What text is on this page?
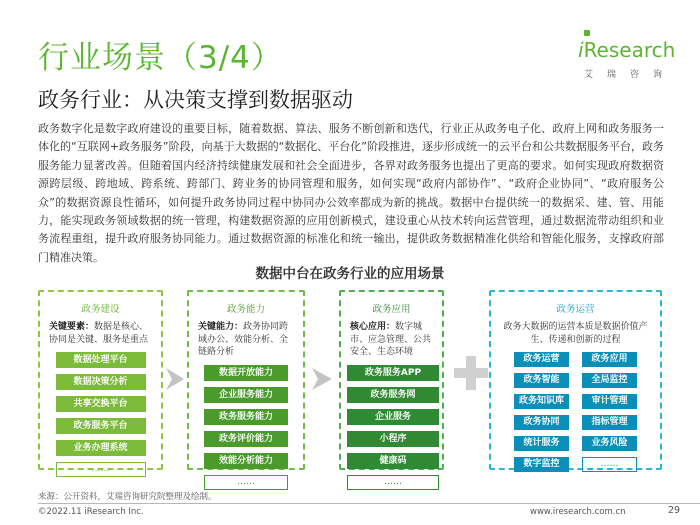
行业场景（3/4）
政务行业：从决策支撑到数据驱动
iResearch
艾瑞咨询

政务数字化是数字政府建设的重要目标，随着数据、算法、服务不断创新和迭代，行业正从政务电子化、政府上网和政务服务一体化的“互联网+政务服务”阶段，向基于大数据的“数据化、平台化”阶段推进，逐步形成统一的云平台和公共数据服务平台，政务服务能力显著改善。但随着国内经济持续健康发展和社会全面进步，各界对政务服务也提出了更高的要求。如何实现政府数据资源跨层级、跨地域、跨系统、跨部门、跨业务的协同管理和服务，如何实现“政府内部协作”、“政府企业协同”、“政府服务公众”的数据资源良性循环，如何提升政务协同过程中协同办公效率都成为新的挑战。数据中台提供统一的数据采、建、管、用能力，能实现政务领域数据的统一管理，构建数据资源的应用创新模式，建设重心从技术转向运营管理，通过数据流带动组织和业务流程重组，提升政府服务协同能力。通过数据资源的标准化和统一输出，提供政务数据精准化供给和智能化服务，支撑政府部门精准决策。

数据中台在政务行业的应用场景
政务建设
关键要素：数据是核心、协同是关键、服务是重点
数据处理平台
数据决策分析
共享交换平台
政务服务平台
业务办理系统
……
政务能力
关键能力：政务协同跨域办公、效能分析、全链路分析
数据开放能力
企业服务能力
政务服务能力
政务评价能力
效能分析能力
……
政务应用
核心应用：数字城市、应急管理、公共安全、生态环境
政务服务APP
政务服务网
企业服务
小程序
健康码
……
政务运营
政务大数据的运营本质是数据价值产生、传递和创新的过程
政务运营	政务应用
政务智能	全局监控
政务知识库	审计管理
政务协同	指标管理
统计服务	业务风险
数字监控	……
来源：公开资料，艾瑞咨询研究院整理及绘制。
©2022.11 iResearch Inc.	www.iresearch.com.cn	29
